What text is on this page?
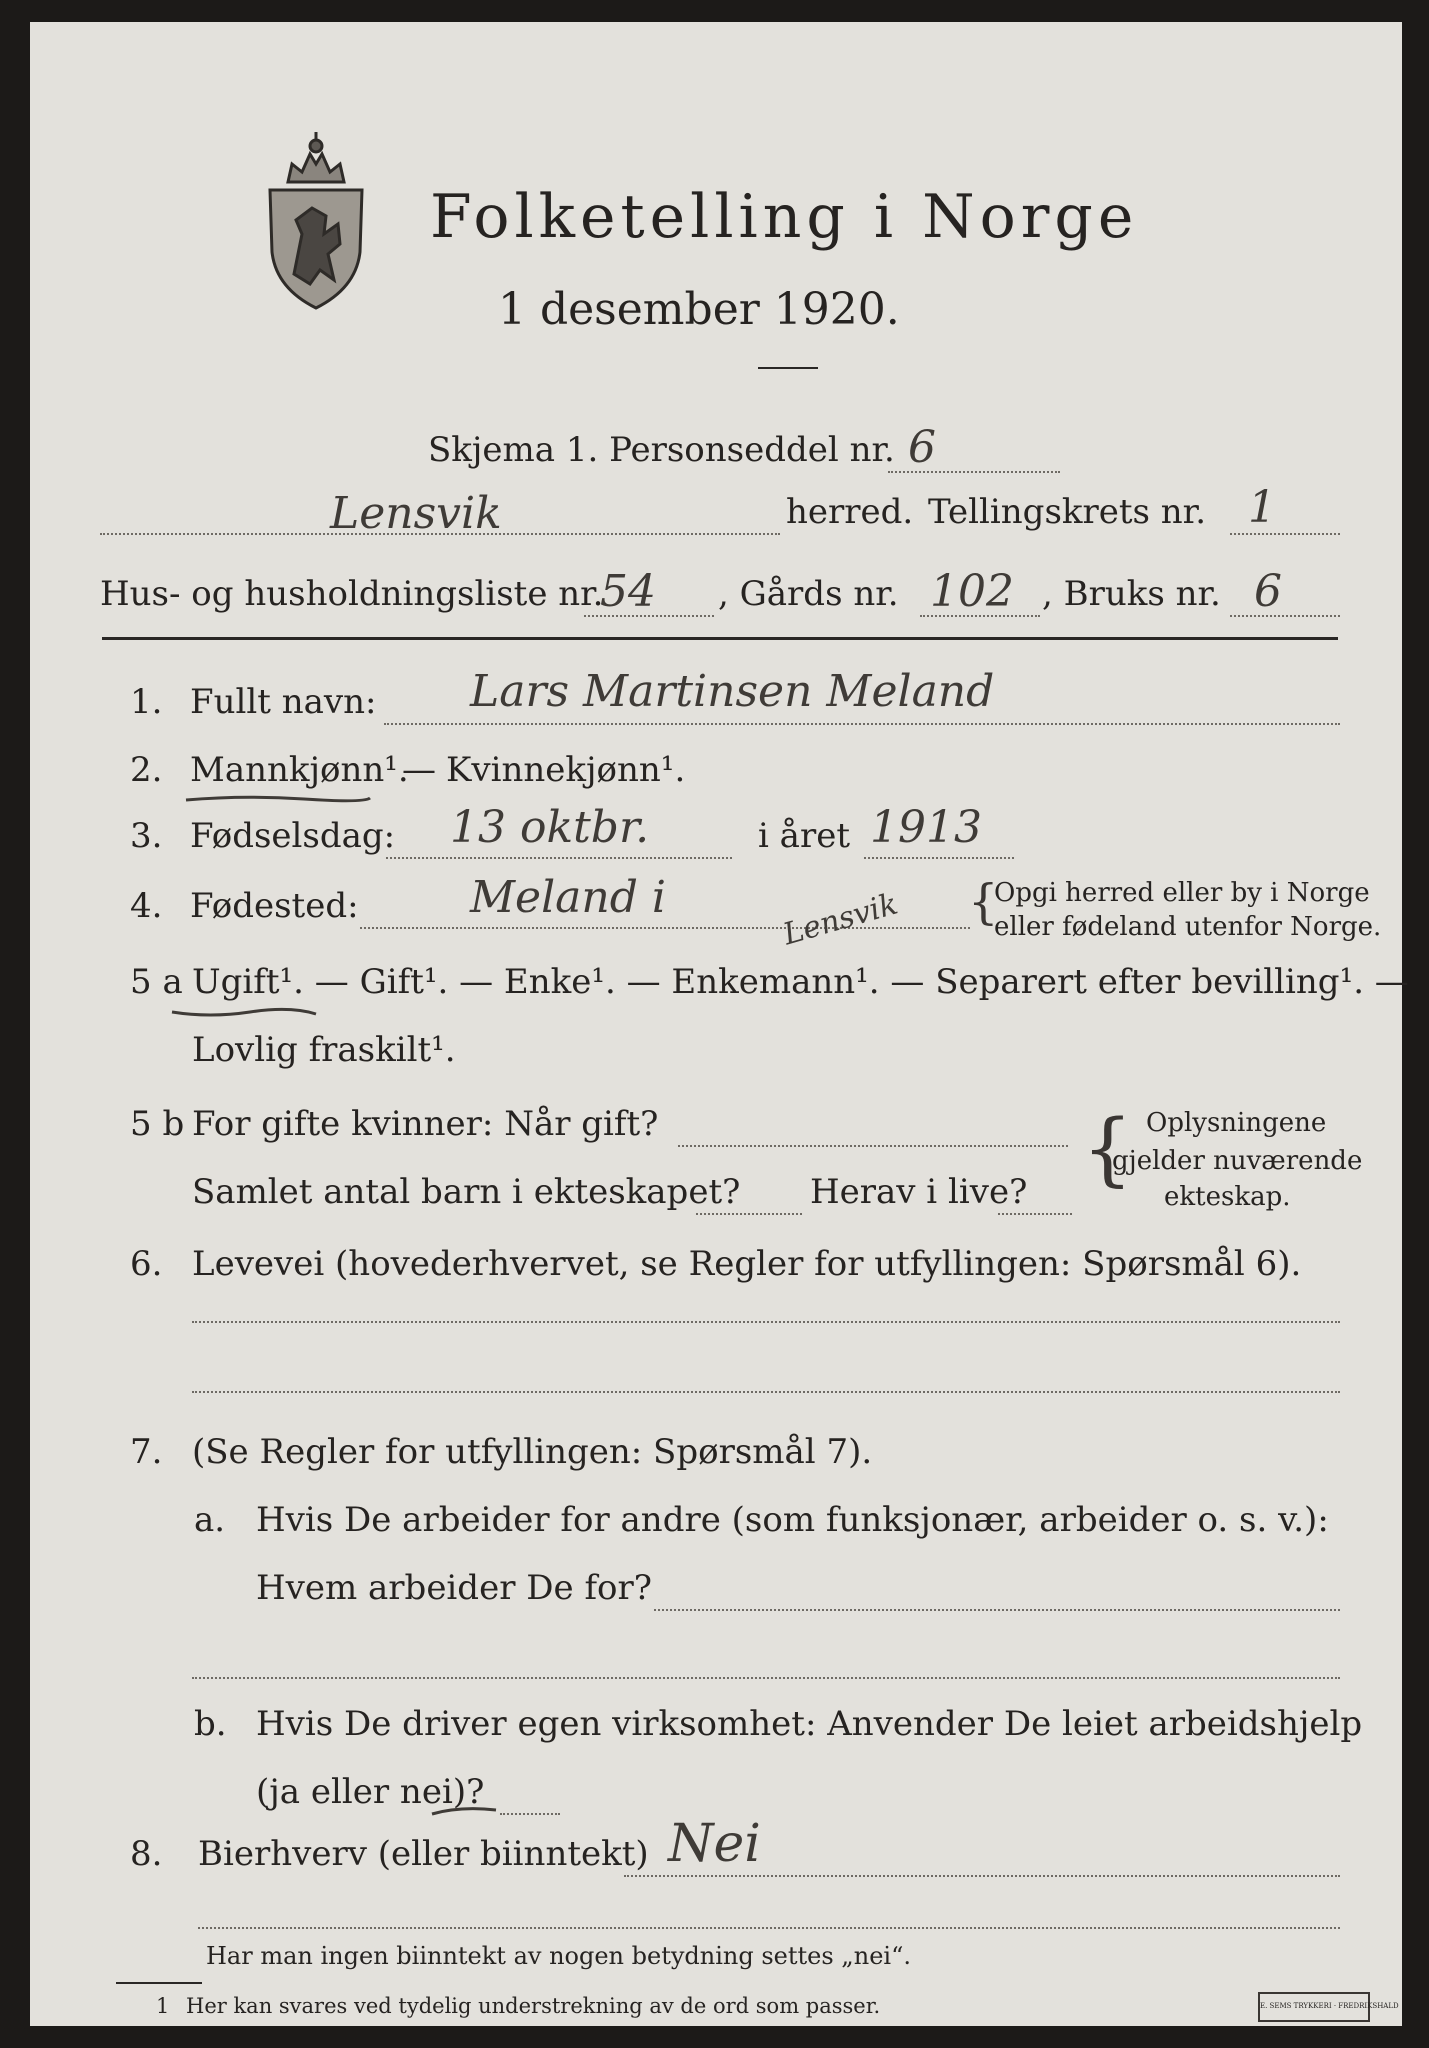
Folketelling i Norge
1 desember 1920.
Skjema 1. Personseddel nr. 6
Lensvik	herred. Tellingskrets nr. 1
Hus- og husholdningsliste nr.
54 , Gårds nr. 102 , Bruks nr. 6
1. Fullt navn: Lars Martinsen Meland
2. Mannkjønn¹.
— Kvinnekjønn¹.
3. Fødselsdag: 13 oktbr.	i året 1913
4. Fødested:	Meland i	Lensvik {
Opgi herred eller by i Norge
eller fødeland utenfor Norge.
5 a Ugift¹. — Gift¹. — Enke¹. — Enkemann¹. — Separert efter bevilling¹. —
Lovlig fraskilt¹.
5 b For gifte kvinner: Når gift?
Samlet antal barn i ekteskapet? Herav i live? { Oplysningene
gjelder nuværende
ekteskap.
6. Levevei (hovederhvervet, se Regler for utfyllingen: Spørsmål 6).
7. (Se Regler for utfyllingen: Spørsmål 7).
a. Hvis De arbeider for andre (som funksjonær, arbeider o. s. v.):
Hvem arbeider De for?
b. Hvis De driver egen virksomhet: Anvender De leiet arbeidshjelp
(ja eller nei)?
8. Bierhverv (eller biinntekt) Nei
Har man ingen biinntekt av nogen betydning settes „nei“.
1 Her kan svares ved tydelig understrekning av de ord som passer.	E. SEMS TRYKKERI · FREDRIKSHALD
